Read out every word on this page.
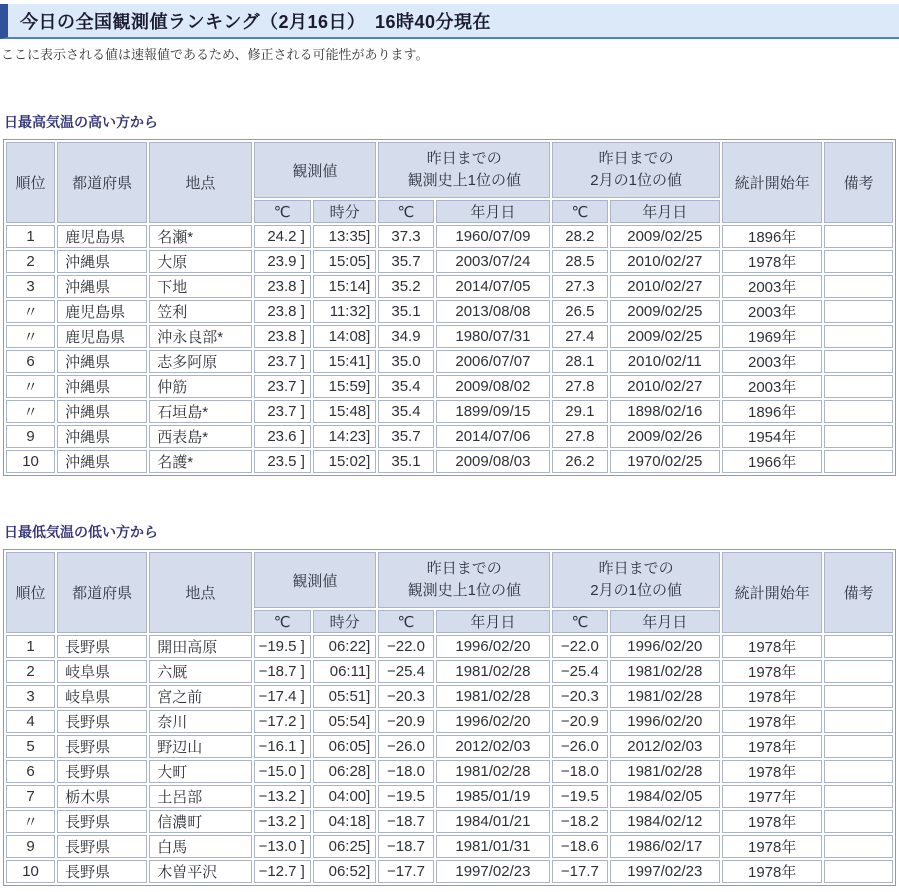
今日の全国観測値ランキング（2月16日）　16時40分現在
ここに表示される値は速報値であるため、修正される可能性があります。
日最高気温の高い方から
順位	都道府県	地点	観測値		昨日までの
観測史上1位の値		昨日までの
2月の1位の値		統計開始年	備考
			℃	時分	℃	年月日	℃	年月日		
1	鹿児島県	名瀬*	24.2 ]	13:35]	37.3	1960/07/09	28.2	2009/02/25	1896年	
2	沖縄県	大原	23.9 ]	15:05]	35.7	2003/07/24	28.5	2010/02/27	1978年	
3	沖縄県	下地	23.8 ]	15:14]	35.2	2014/07/05	27.3	2010/02/27	2003年	
〃	鹿児島県	笠利	23.8 ]	11:32]	35.1	2013/08/08	26.5	2009/02/25	2003年	
〃	鹿児島県	沖永良部*	23.8 ]	14:08]	34.9	1980/07/31	27.4	2009/02/25	1969年	
6	沖縄県	志多阿原	23.7 ]	15:41]	35.0	2006/07/07	28.1	2010/02/11	2003年	
〃	沖縄県	仲筋	23.7 ]	15:59]	35.4	2009/08/02	27.8	2010/02/27	2003年	
〃	沖縄県	石垣島*	23.7 ]	15:48]	35.4	1899/09/15	29.1	1898/02/16	1896年	
9	沖縄県	西表島*	23.6 ]	14:23]	35.7	2014/07/06	27.8	2009/02/26	1954年	
10	沖縄県	名護*	23.5 ]	15:02]	35.1	2009/08/03	26.2	1970/02/25	1966年	
日最低気温の低い方から
順位	都道府県	地点	観測値		昨日までの
観測史上1位の値		昨日までの
2月の1位の値		統計開始年	備考
			℃	時分	℃	年月日	℃	年月日		
1	長野県	開田高原	−19.5 ]	06:22]	−22.0	1996/02/20	−22.0	1996/02/20	1978年	
2	岐阜県	六厩	−18.7 ]	06:11]	−25.4	1981/02/28	−25.4	1981/02/28	1978年	
3	岐阜県	宮之前	−17.4 ]	05:51]	−20.3	1981/02/28	−20.3	1981/02/28	1978年	
4	長野県	奈川	−17.2 ]	05:54]	−20.9	1996/02/20	−20.9	1996/02/20	1978年	
5	長野県	野辺山	−16.1 ]	06:05]	−26.0	2012/02/03	−26.0	2012/02/03	1978年	
6	長野県	大町	−15.0 ]	06:28]	−18.0	1981/02/28	−18.0	1981/02/28	1978年	
7	栃木県	土呂部	−13.2 ]	04:00]	−19.5	1985/01/19	−19.5	1984/02/05	1977年	
〃	長野県	信濃町	−13.2 ]	04:18]	−18.7	1984/01/21	−18.2	1984/02/12	1978年	
9	長野県	白馬	−13.0 ]	06:25]	−18.7	1981/01/31	−18.6	1986/02/17	1978年	
10	長野県	木曽平沢	−12.7 ]	06:52]	−17.7	1997/02/23	−17.7	1997/02/23	1978年	
